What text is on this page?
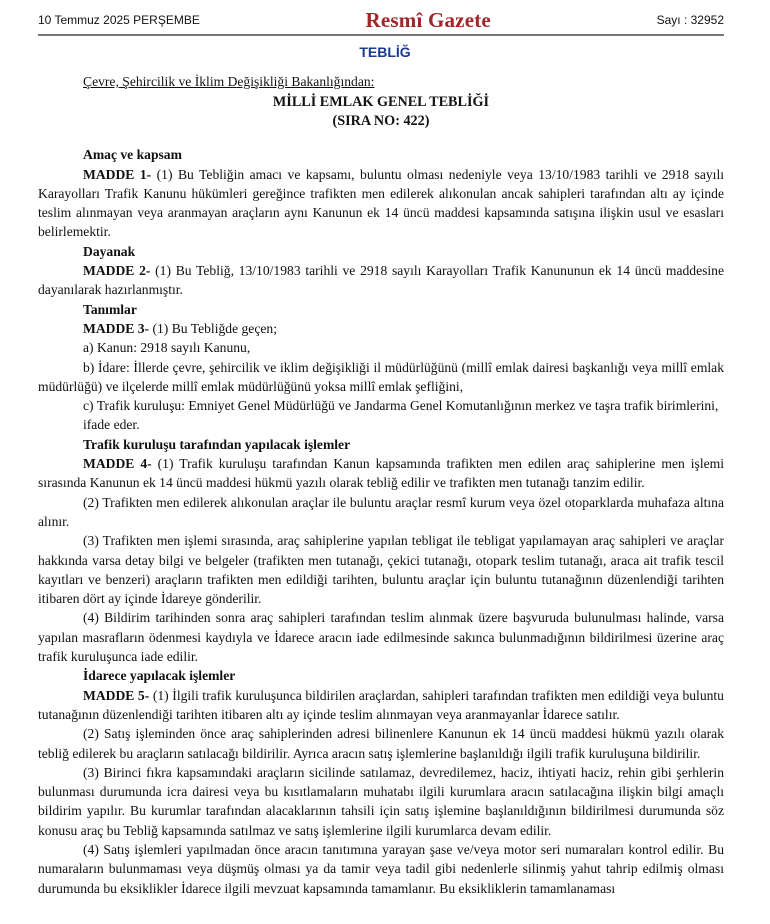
10 Temmuz 2025 PERŞEMBE	Resmî Gazete	Sayı : 32952
TEBLİĞ

Çevre, Şehircilik ve İklim Değişikliği Bakanlığından:

MİLLİ EMLAK GENEL TEBLİĞİ

(SIRA NO: 422)

Amaç ve kapsam

MADDE 1- (1) Bu Tebliğin amacı ve kapsamı, buluntu olması nedeniyle veya 13/10/1983 tarihli ve 2918 sayılı Karayolları Trafik Kanunu hükümleri gereğince trafikten men edilerek alıkonulan ancak sahipleri tarafından altı ay içinde teslim alınmayan veya aranmayan araçların aynı Kanunun ek 14 üncü maddesi kapsamında satışına ilişkin usul ve esasları belirlemektir.

Dayanak

MADDE 2- (1) Bu Tebliğ, 13/10/1983 tarihli ve 2918 sayılı Karayolları Trafik Kanununun ek 14 üncü maddesine dayanılarak hazırlanmıştır.

Tanımlar

MADDE 3- (1) Bu Tebliğde geçen;

a) Kanun: 2918 sayılı Kanunu,

b) İdare: İllerde çevre, şehircilik ve iklim değişikliği il müdürlüğünü (millî emlak dairesi başkanlığı veya millî emlak müdürlüğü) ve ilçelerde millî emlak müdürlüğünü yoksa millî emlak şefliğini,

c) Trafik kuruluşu: Emniyet Genel Müdürlüğü ve Jandarma Genel Komutanlığının merkez ve taşra trafik birimlerini,

ifade eder.

Trafik kuruluşu tarafından yapılacak işlemler

MADDE 4- (1) Trafik kuruluşu tarafından Kanun kapsamında trafikten men edilen araç sahiplerine men işlemi sırasında Kanunun ek 14 üncü maddesi hükmü yazılı olarak tebliğ edilir ve trafikten men tutanağı tanzim edilir.

(2) Trafikten men edilerek alıkonulan araçlar ile buluntu araçlar resmî kurum veya özel otoparklarda muhafaza altına alınır.

(3) Trafikten men işlemi sırasında, araç sahiplerine yapılan tebligat ile tebligat yapılamayan araç sahipleri ve araçlar hakkında varsa detay bilgi ve belgeler (trafikten men tutanağı, çekici tutanağı, otopark teslim tutanağı, araca ait trafik tescil kayıtları ve benzeri) araçların trafikten men edildiği tarihten, buluntu araçlar için buluntu tutanağının düzenlendiği tarihten itibaren dört ay içinde İdareye gönderilir.

(4) Bildirim tarihinden sonra araç sahipleri tarafından teslim alınmak üzere başvuruda bulunulması halinde, varsa yapılan masrafların ödenmesi kaydıyla ve İdarece aracın iade edilmesinde sakınca bulunmadığının bildirilmesi üzerine araç trafik kuruluşunca iade edilir.

İdarece yapılacak işlemler

MADDE 5- (1) İlgili trafik kuruluşunca bildirilen araçlardan, sahipleri tarafından trafikten men edildiği veya buluntu tutanağının düzenlendiği tarihten itibaren altı ay içinde teslim alınmayan veya aranmayanlar İdarece satılır.

(2) Satış işleminden önce araç sahiplerinden adresi bilinenlere Kanunun ek 14 üncü maddesi hükmü yazılı olarak tebliğ edilerek bu araçların satılacağı bildirilir. Ayrıca aracın satış işlemlerine başlanıldığı ilgili trafik kuruluşuna bildirilir.

(3) Birinci fıkra kapsamındaki araçların sicilinde satılamaz, devredilemez, haciz, ihtiyati haciz, rehin gibi şerhlerin bulunması durumunda icra dairesi veya bu kısıtlamaların muhatabı ilgili kurumlara aracın satılacağına ilişkin bilgi amaçlı bildirim yapılır. Bu kurumlar tarafından alacaklarının tahsili için satış işlemine başlanıldığının bildirilmesi durumunda söz konusu araç bu Tebliğ kapsamında satılmaz ve satış işlemlerine ilgili kurumlarca devam edilir.

(4) Satış işlemleri yapılmadan önce aracın tanıtımına yarayan şase ve/veya motor seri numaraları kontrol edilir. Bu numaraların bulunmaması veya düşmüş olması ya da tamir veya tadil gibi nedenlerle silinmiş yahut tahrip edilmiş olması durumunda bu eksiklikler İdarece ilgili mevzuat kapsamında tamamlanır. Bu eksikliklerin tamamlanaması
